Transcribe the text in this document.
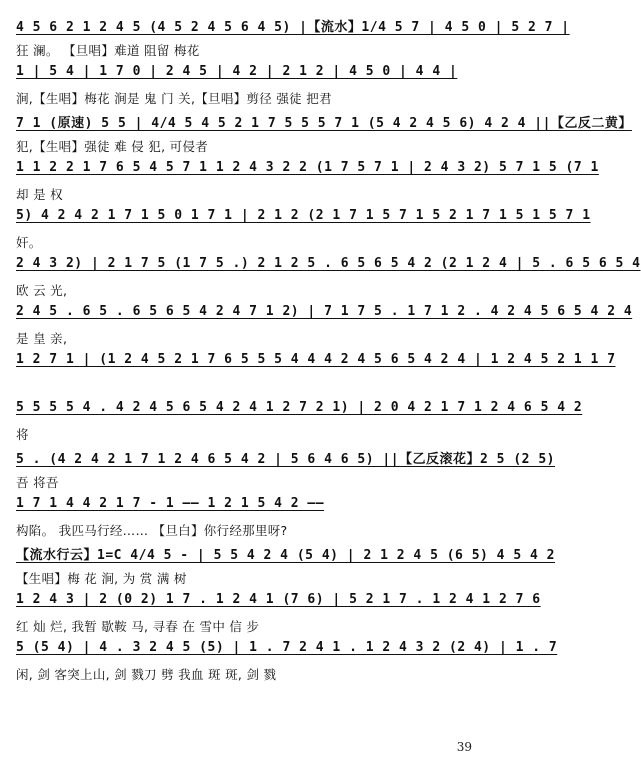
4 5 6 2 1 2 4 5 (4 5 2 4 5 6 4 5) |【流水】1/4 5 7 | 4 5 0 | 5 2 7 |
狂 澜。 【旦唱】难道 阻留 梅花
1 | 5 4 | 1 7 0 | 2 4 5 | 4 2 | 2 1 2 | 4 5 0 | 4 4 |
涧,【生唱】梅花 涧是 鬼 门 关,【旦唱】剪径 强徒 把君
7 1 (原速) 5 5 | 4/4 5 4 5 2 1 7 5 5 5 7 1 (5 4 2 4 5 6) 4 2 4 ||【乙反二黄】
犯,【生唱】强徒 难 侵 犯, 可侵者
1 1 2 2 1 7 6 5 4 5 7 1 1 2 4 3 2 2 (1 7 5 7 1 | 2 4 3 2) 5 7 1 5 (7 1
却 是 权
5) 4 2 4 2 1 7 1 5 0 1 7 1 | 2 1 2 (2 1 7 1 5 7 1 5 2 1 7 1 5 1 5 7 1
奸。
2 4 3 2) | 2 1 7 5 (1 7 5 .) 2 1 2 5 . 6 5 6 5 4 2 (2 1 2 4 | 5 . 6 5 6 5 4
欧 云 光,
2 4 5 . 6 5 . 6 5 6 5 4 2 4 7 1 2) | 7 1 7 5 . 1 7 1 2 . 4 2 4 5 6 5 4 2 4
是 皇 亲,
1 2 7 1 | (1 2 4 5 2 1 7 6 5 5 5 4 4 4 2 4 5 6 5 4 2 4 | 1 2 4 5 2 1 1 7
5 5 5 5 4 . 4 2 4 5 6 5 4 2 4 1 2 7 2 1) | 2 0 4 2 1 7 1 2 4 6 5 4 2
将
5 . (4 2 4 2 1 7 1 2 4 6 5 4 2 | 5 6 4 6 5) ||【乙反滚花】2 5 (2 5)
吾 将吾
1 7 1 4 4 2 1 7 - 1 —— 1 2 1 5 4 2 ——
构陷。 我匹马行经…… 【旦白】你行经那里呀?
【流水行云】1=C 4/4 5 - | 5 5 4 2 4 (5 4) | 2 1 2 4 5 (6 5) 4 5 4 2
【生唱】梅 花 涧, 为 赏 满 树
1 2 4 3 | 2 (0 2) 1 7 . 1 2 4 1 (7 6) | 5 2 1 7 . 1 2 4 1 2 7 6
红 灿 烂, 我暂 歇鞍 马, 寻春 在 雪中 信 步
5 (5 4) | 4 . 3 2 4 5 (5) | 1 . 7 2 4 1 . 1 2 4 3 2 (2 4) | 1 . 7
闲, 剑 客突上山, 剑 戮刀 劈 我血 斑 斑, 剑 戮
39
